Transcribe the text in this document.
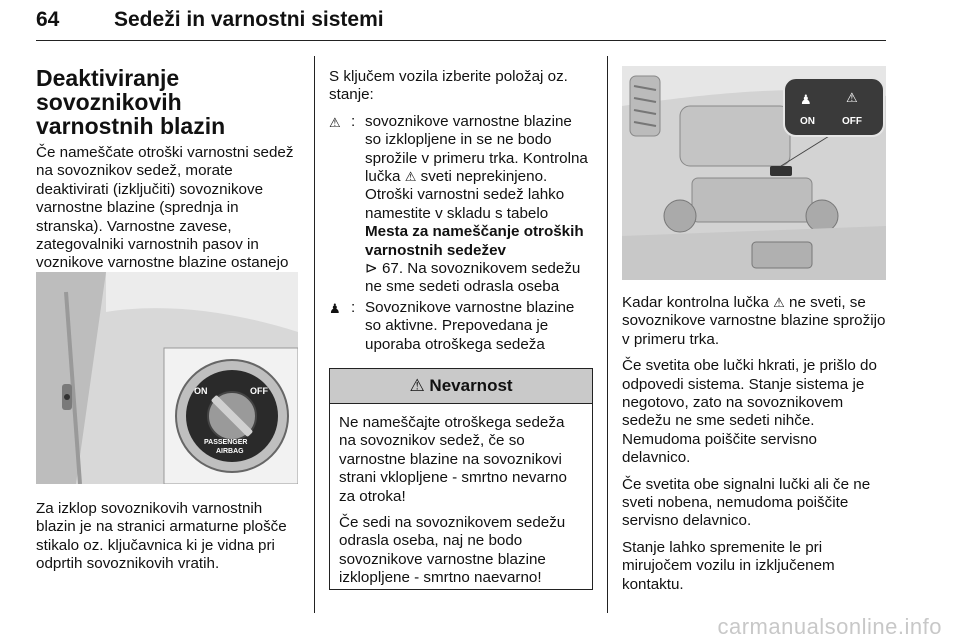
64	Sedeži in varnostni sistemi
Deaktiviranje sovoznikovih varnostnih blazin

Če nameščate otroški varnostni sedež na sovoznikov sedež, morate deaktivirati (izključiti) sovoznikove varnostne blazine (sprednja in stranska). Varnostne zavese, zategovalniki varnostnih pasov in voznikove varnostne blazine ostanejo

ON	OFF
PASSENGER
AIRBAG

Za izklop sovoznikovih varnostnih blazin je na stranici armaturne plošče stikalo oz. ključavnica ki je vidna pri odprtih sovoznikovih vratih.

S ključem vozila izberite položaj oz. stanje:

⚠ : sovoznikove varnostne blazine so izklopljene in se ne bodo sprožile v primeru trka. Kontrolna lučka ⚠ sveti neprekinjeno. Otroški varnostni sedež lahko namestite v skladu s tabelo Mesta za nameščanje otroških varnostnih sedežev
⊳ 67. Na sovoznikovem sedežu ne sme sedeti odrasla oseba
♟ : Sovoznikove varnostne blazine so aktivne. Prepovedana je uporaba otroškega sedeža
⚠ Nevarnost

Ne nameščajte otroškega sedeža na sovoznikov sedež, če so varnostne blazine na sovoznikovi strani vklopljene - smrtno nevarno za otroka!

Če sedi na sovoznikovem sedežu odrasla oseba, naj ne bodo sovoznikove varnostne blazine izklopljene - smrtno naevarno!

♟	⚠
ON	OFF

Kadar kontrolna lučka ⚠ ne sveti, se sovoznikove varnostne blazine sprožijo v primeru trka.

Če svetita obe lučki hkrati, je prišlo do odpovedi sistema. Stanje sistema je negotovo, zato na sovoznikovem sedežu ne sme sedeti nihče. Nemudoma poiščite servisno delavnico.

Če svetita obe signalni lučki ali če ne sveti nobena, nemudoma poiščite servisno delavnico.

Stanje lahko spremenite le pri mirujočem vozilu in izključenem kontaktu.

carmanualsonline.info
